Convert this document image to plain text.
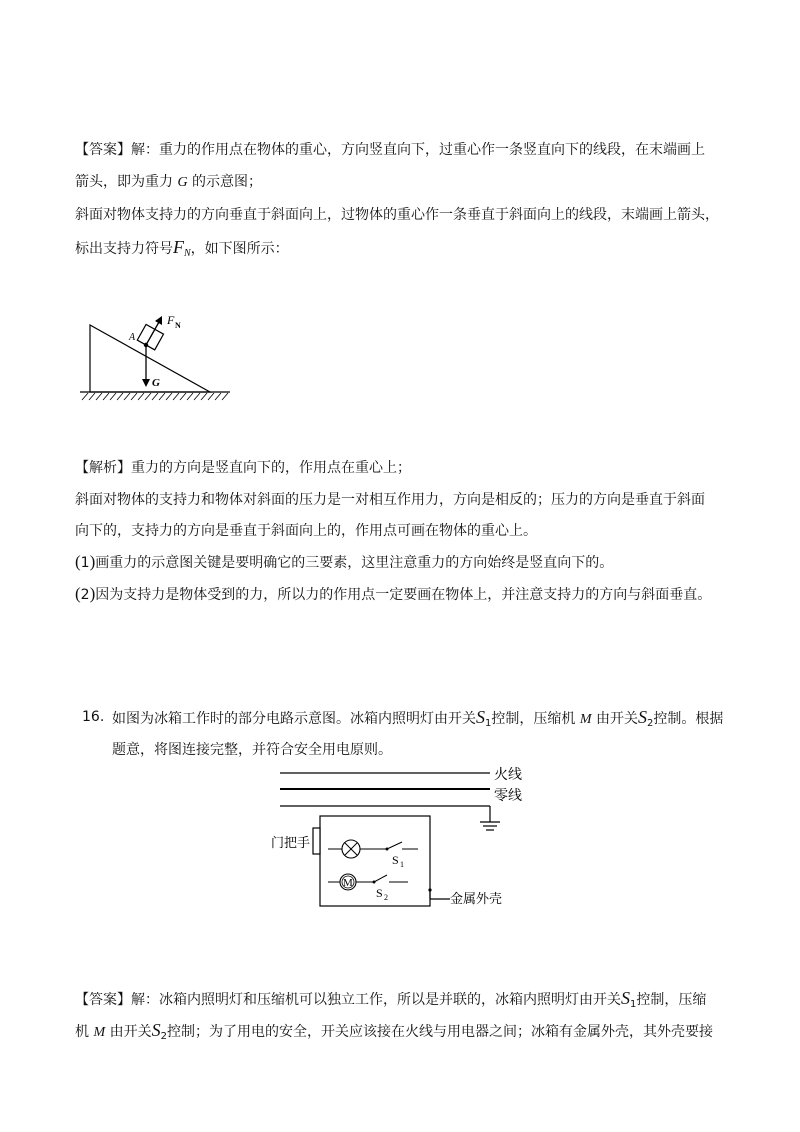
【答案】解：重力的作用点在物体的重心，方向竖直向下，过重心作一条竖直向下的线段，在末端画上
箭头，即为重力 G 的示意图；
斜面对物体支持力的方向垂直于斜面向上，过物体的重心作一条垂直于斜面向上的线段，末端画上箭头，
标出支持力符号$F_N$，如下图所示：
A
F N
G
【解析】重力的方向是竖直向下的，作用点在重心上；
斜面对物体的支持力和物体对斜面的压力是一对相互作用力，方向是相反的；压力的方向是垂直于斜面
向下的，支持力的方向是垂直于斜面向上的，作用点可画在物体的重心上。
(1)画重力的示意图关键是要明确它的三要素，这里注意重力的方向始终是竖直向下的。
(2)因为支持力是物体受到的力，所以力的作用点一定要画在物体上，并注意支持力的方向与斜面垂直。
16. 如图为冰箱工作时的部分电路示意图。冰箱内照明灯由开关$S_1$控制，压缩机 M 由开关$S_2$控制。根据
题意，将图连接完整，并符合安全用电原则。
火线
零线
门把手
S 1
M
S 2	金属外壳
【答案】解：冰箱内照明灯和压缩机可以独立工作，所以是并联的，冰箱内照明灯由开关$S_1$控制，压缩
机 M 由开关$S_2$控制；为了用电的安全，开关应该接在火线与用电器之间；冰箱有金属外壳，其外壳要接
